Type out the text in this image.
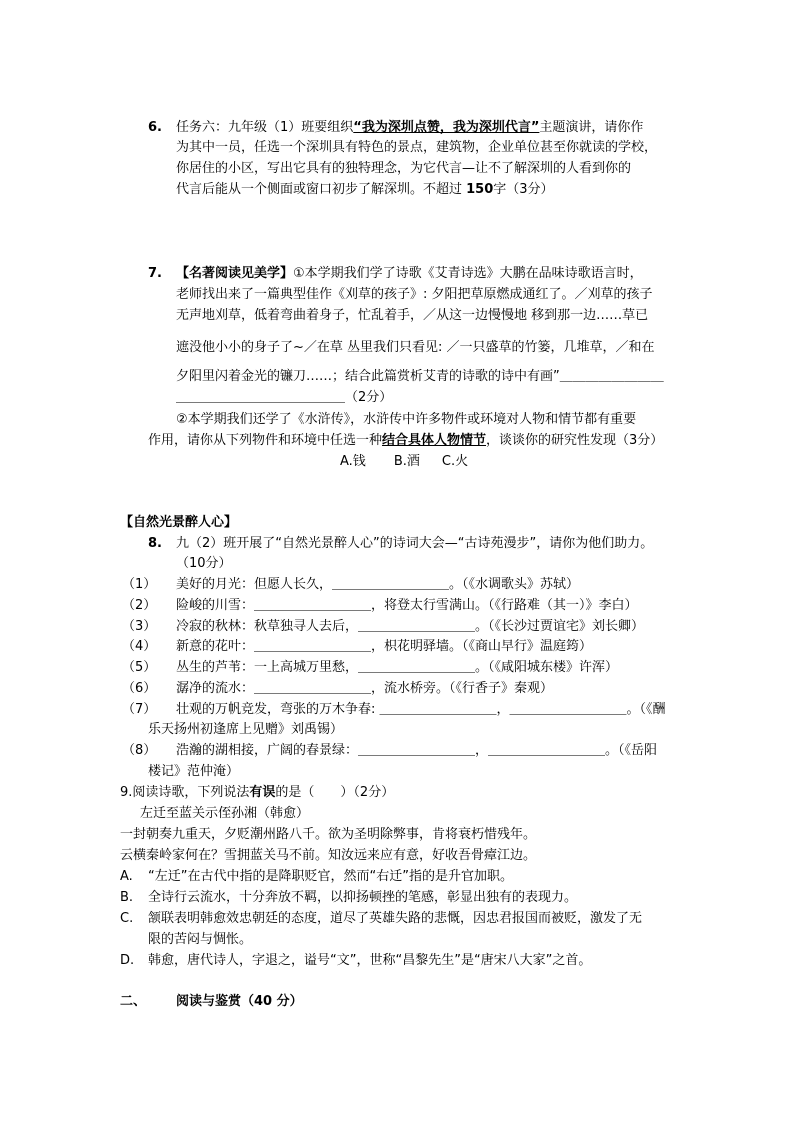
6. 任务六：九年级（1）班要组织“我为深圳点赞，我为深圳代言”主题演讲，请你作
为其中一员，任选一个深圳具有特色的景点，建筑物，企业单位甚至你就读的学校，
你居住的小区，写出它具有的独特理念，为它代言—让不了解深圳的人看到你的
代言后能从一个侧面或窗口初步了解深圳。不超过 150字（3分）
7. 【名著阅读见美学】①本学期我们学了诗歌《艾青诗选》大鹏在品味诗歌语言时，
老师找出来了一篇典型佳作《刈草的孩子》: 夕阳把草原燃成通红了。／刈草的孩子
无声地刈草，低着弯曲着身子，忙乱着手，／从这一边慢慢地 移到那一边……草已
遮没他小小的身子了~／在草 丛里我们只看见: ／一只盛草的竹篓，几堆草，／和在
夕阳里闪着金光的镰刀……；结合此篇赏析艾青的诗歌的诗中有画”＿＿＿＿＿＿＿＿
＿＿＿＿＿＿＿＿＿＿＿＿＿（2分）
②本学期我们还学了《水浒传》，水浒传中许多物件或环境对人物和情节都有重要
作用，请你从下列物件和环境中任选一种结合具体人物情节，谈谈你的研究性发现（3分）
A.钱 B.酒 C.火
【自然光景醉人心】
8. 九（2）班开展了“自然光景醉人心”的诗词大会—“古诗苑漫步”，请你为他们助力。
（10分）
（1） 美好的月光：但愿人长久，＿＿＿＿＿＿＿＿＿。（《水调歌头》苏轼）
（2） 险峻的川雪：＿＿＿＿＿＿＿＿＿，将登太行雪满山。（《行路难（其一）》李白）
（3） 冷寂的秋林：秋草独寻人去后，＿＿＿＿＿＿＿＿＿。（《长沙过贾谊宅》刘长卿）
（4） 新意的花叶：＿＿＿＿＿＿＿＿＿，枳花明驿墙。（《商山早行》温庭筠）
（5） 丛生的芦苇：一上高城万里愁，＿＿＿＿＿＿＿＿＿。（《咸阳城东楼》许浑）
（6） 潺净的流水：＿＿＿＿＿＿＿＿＿，流水桥旁。（《行香子》秦观）
（7） 壮观的万帆竞发，弯张的万木争春: ＿＿＿＿＿＿＿＿＿，＿＿＿＿＿＿＿＿＿。（《酬
乐天扬州初逢席上见赠》刘禹锡）
（8） 浩瀚的湖相接，广阔的春景绿：＿＿＿＿＿＿＿＿＿，＿＿＿＿＿＿＿＿＿。（《岳阳
楼记》范仲淹）
9.阅读诗歌，下列说法有误的是（　　）（2分）
左迁至蓝关示侄孙湘（韩愈）
一封朝奏九重天，夕贬潮州路八千。欲为圣明除弊事，肯将衰朽惜残年。
云横秦岭家何在？雪拥蓝关马不前。知汝远来应有意，好收吾骨瘴江边。
A. “左迁”在古代中指的是降职贬官，然而“右迁”指的是升官加职。
B. 全诗行云流水，十分奔放不羁，以抑扬顿挫的笔感，彰显出独有的表现力。
C. 颔联表明韩愈效忠朝廷的态度，道尽了英雄失路的悲慨，因忠君报国而被贬，激发了无
限的苦闷与惆怅。
D. 韩愈，唐代诗人，字退之，谥号“文”，世称“昌黎先生”是“唐宋八大家”之首。
二、 阅读与鉴赏（40 分）
